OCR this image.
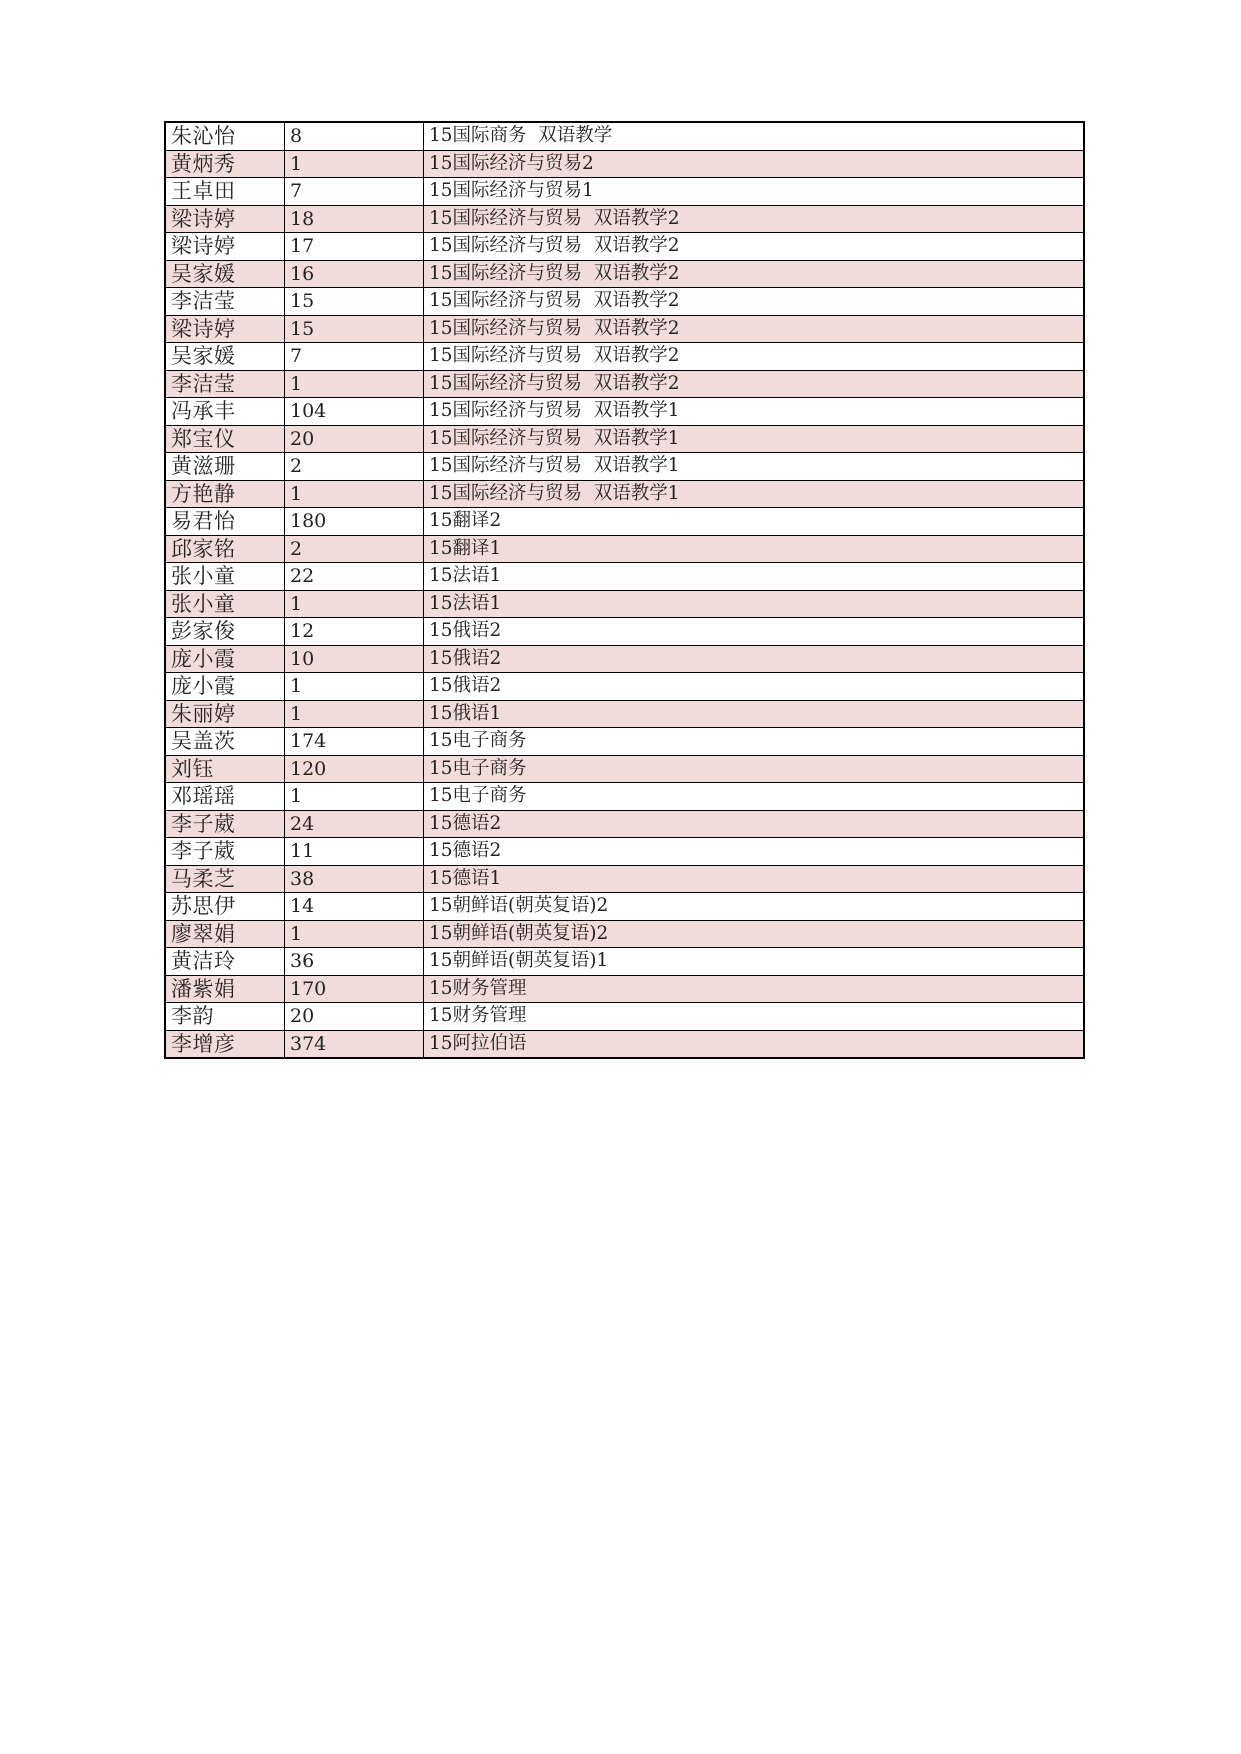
朱沁怡	8	15国际商务  双语教学
黄炳秀	1	15国际经济与贸易2
王卓田	7	15国际经济与贸易1
梁诗婷	18	15国际经济与贸易  双语教学2
梁诗婷	17	15国际经济与贸易  双语教学2
吴家媛	16	15国际经济与贸易  双语教学2
李洁莹	15	15国际经济与贸易  双语教学2
梁诗婷	15	15国际经济与贸易  双语教学2
吴家媛	7	15国际经济与贸易  双语教学2
李洁莹	1	15国际经济与贸易  双语教学2
冯承丰	104	15国际经济与贸易  双语教学1
郑宝仪	20	15国际经济与贸易  双语教学1
黄滋珊	2	15国际经济与贸易  双语教学1
方艳静	1	15国际经济与贸易  双语教学1
易君怡	180	15翻译2
邱家铭	2	15翻译1
张小童	22	15法语1
张小童	1	15法语1
彭家俊	12	15俄语2
庞小霞	10	15俄语2
庞小霞	1	15俄语2
朱丽婷	1	15俄语1
吴盖茨	174	15电子商务
刘钰	120	15电子商务
邓瑶瑶	1	15电子商务
李子葳	24	15德语2
李子葳	11	15德语2
马柔芝	38	15德语1
苏思伊	14	15朝鲜语(朝英复语)2
廖翠娟	1	15朝鲜语(朝英复语)2
黄洁玲	36	15朝鲜语(朝英复语)1
潘紫娟	170	15财务管理
李韵	20	15财务管理
李增彦	374	15阿拉伯语
